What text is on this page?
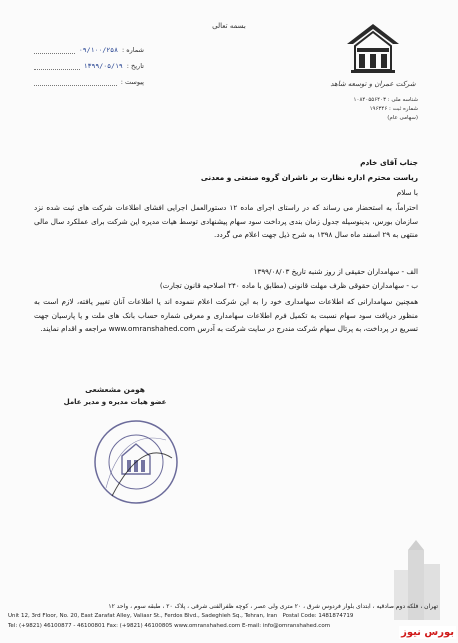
بسمه تعالی
شماره :
۰۹/۱۰۰/۲۵۸
تاریخ :
۱۳۹۹/۰۵/۱۹
پیوست :	شرکت عمران و توسعه شاهد
شناسه ملی : ۱۰۸۴۰۵۵۶۴۰۳
شماره ثبت : ۱۹۶۳۴۶
(سهامی عام)
جناب آقای خادم
ریاست محترم اداره نظارت بر ناشران گروه صنعتی و معدنی
با سلام
احتراماً، به استحضار می رساند که در راستای اجرای ماده ۱۲ دستورالعمل اجرایی افشای اطلاعات شرکت های ثبت شده نزد سازمان بورس، بدینوسیله جدول زمان بندی پرداخت سود سهام پیشنهادی توسط هیات مدیره این شرکت برای عملکرد سال مالی منتهی به ۲۹ اسفند ماه سال ۱۳۹۸ به شرح ذیل جهت اعلام می گردد.
الف - سهامداران حقیقی از روز شنبه تاریخ ۱۳۹۹/۰۸/۰۳
ب - سهامداران حقوقی ظرف مهلت قانونی (مطابق با ماده ۲۴۰ اصلاحیه قانون تجارت)
همچنین سهامدارانی که اطلاعات سهامداری خود را به این شرکت اعلام ننموده اند یا اطلاعات آنان تغییر یافته، لازم است به منظور دریافت سود سهام نسبت به تکمیل فرم اطلاعات سهامداری و معرفی شماره حساب بانک های ملت و یا پارسیان جهت تسریع در پرداخت، به پرتال سهام شرکت مندرج در سایت شرکت به آدرس www.omranshahed.com مراجعه و اقدام نمایند.
هومن مشعشعی
عضو هیات مدیره و مدیر عامل
تهران ، فلکه دوم صادقیه ، ابتدای بلوار فردوس شرق ، ۲۰ متری ولی عصر ، کوچه ظفرالفنی شرقی ، پلاک ۲۰ ، طبقه سوم ، واحد ۱۲
Unit 12, 3rd Floor, No. 20, East Zarafat Alley, Valiasr St., Ferdos Blvd., Sadeghieh Sq., Tehran, Iran Postal Code: 1481874719
Tel: (+9821) 46100877 - 46100801 Fax: (+9821) 46100805 www.omranshahed.com E-mail: info@omranshahed.com
بورس نیوز
